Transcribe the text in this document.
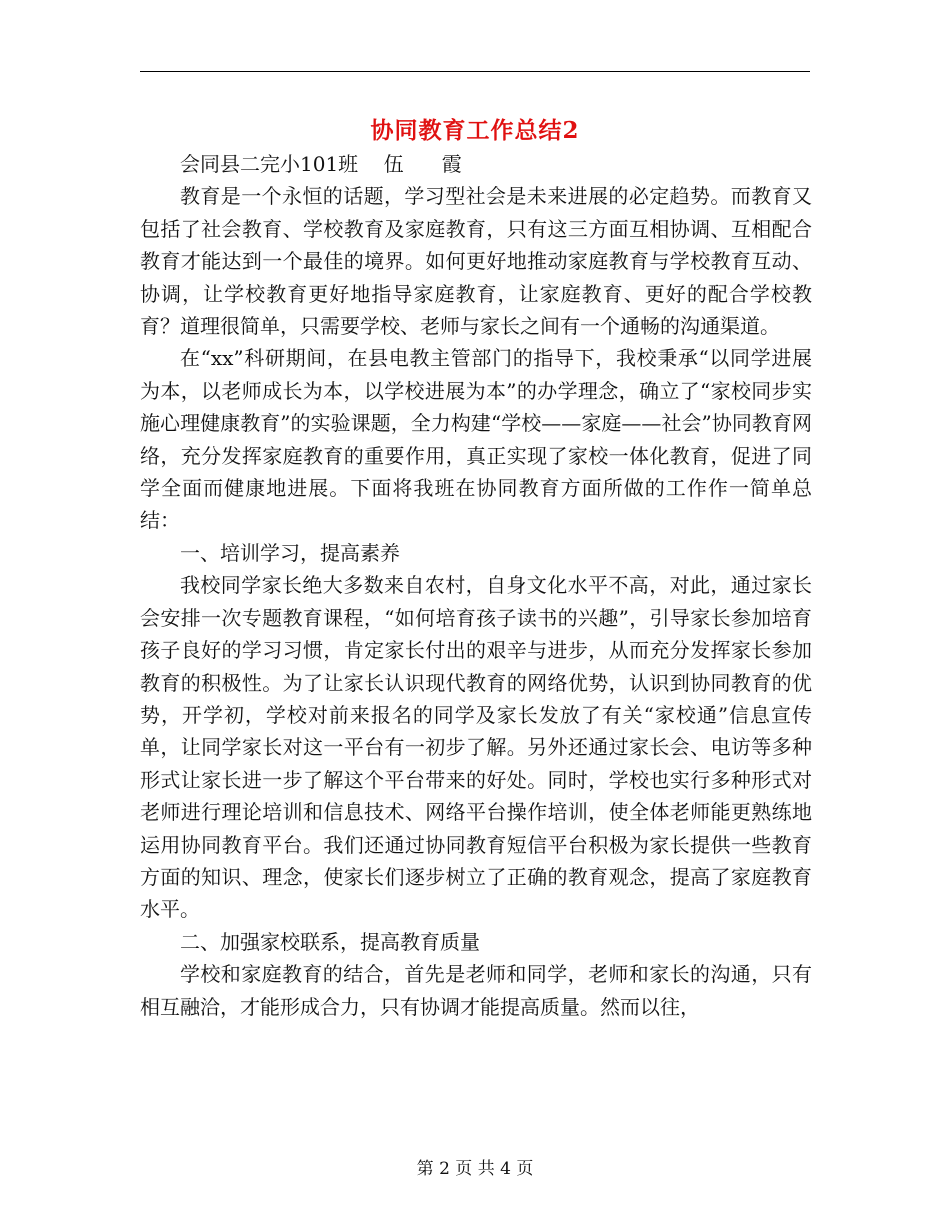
协同教育工作总结2

会同县二完小101班    伍      霞

教育是一个永恒的话题，学习型社会是未来进展的必定趋势。而教育又包括了社会教育、学校教育及家庭教育，只有这三方面互相协调、互相配合教育才能达到一个最佳的境界。如何更好地推动家庭教育与学校教育互动、协调，让学校教育更好地指导家庭教育，让家庭教育、更好的配合学校教育？道理很简单，只需要学校、老师与家长之间有一个通畅的沟通渠道。

在“xx”科研期间，在县电教主管部门的指导下，我校秉承“以同学进展为本，以老师成长为本，以学校进展为本”的办学理念，确立了“家校同步实施心理健康教育”的实验课题，全力构建“学校——家庭——社会”协同教育网络，充分发挥家庭教育的重要作用，真正实现了家校一体化教育，促进了同学全面而健康地进展。下面将我班在协同教育方面所做的工作作一简单总结：

一、培训学习，提高素养

我校同学家长绝大多数来自农村，自身文化水平不高，对此，通过家长会安排一次专题教育课程，“如何培育孩子读书的兴趣”，引导家长参加培育孩子良好的学习习惯，肯定家长付出的艰辛与进步，从而充分发挥家长参加教育的积极性。为了让家长认识现代教育的网络优势，认识到协同教育的优势，开学初，学校对前来报名的同学及家长发放了有关“家校通”信息宣传单，让同学家长对这一平台有一初步了解。另外还通过家长会、电访等多种形式让家长进一步了解这个平台带来的好处。同时，学校也实行多种形式对老师进行理论培训和信息技术、网络平台操作培训，使全体老师能更熟练地运用协同教育平台。我们还通过协同教育短信平台积极为家长提供一些教育方面的知识、理念，使家长们逐步树立了正确的教育观念，提高了家庭教育水平。

二、加强家校联系，提高教育质量

学校和家庭教育的结合，首先是老师和同学，老师和家长的沟通，只有相互融洽，才能形成合力，只有协调才能提高质量。然而以往，

第 2 页 共 4 页
